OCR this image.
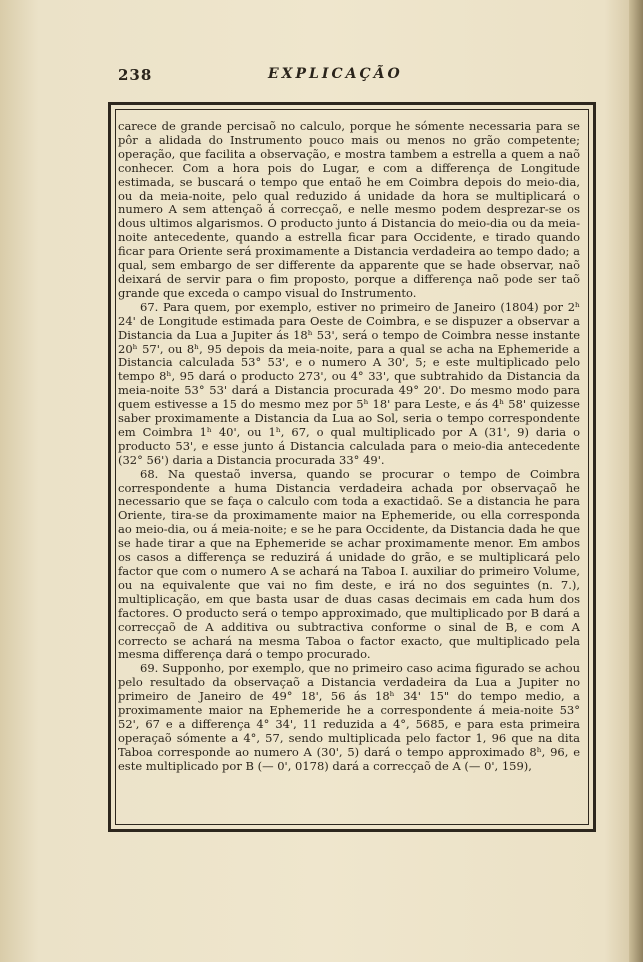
238	EXPLICAÇÃO

carece de grande percisaõ no calculo, porque he sómente necessaria para se pôr a alidada do Instrumento pouco mais ou menos no grão competente; operação, que facilita a observação, e mostra tambem a estrella a quem a naõ conhecer. Com a hora pois do Lugar, e com a differença de Longitude estimada, se buscará o tempo que entaõ he em Coimbra depois do meio-dia, ou da meia-noite, pelo qual reduzido á unidade da hora se multiplicará o numero A sem attençaõ á correcçaõ, e nelle mesmo podem desprezar-se os dous ultimos algarismos. O producto junto á Distancia do meio-dia ou da meia-noite antecedente, quando a estrella ficar para Occidente, e tirado quando ficar para Oriente será proximamente a Distancia verdadeira ao tempo dado; a qual, sem embargo de ser differente da apparente que se hade observar, naõ deixará de servir para o fim proposto, porque a differença naõ pode ser taõ grande que exceda o campo visual do Instrumento.

67. Para quem, por exemplo, estiver no primeiro de Janeiro (1804) por 2ʰ 24' de Longitude estimada para Oeste de Coimbra, e se dispuzer a observar a Distancia da Lua a Jupiter ás 18ʰ 53', será o tempo de Coimbra nesse instante 20ʰ 57', ou 8ʰ, 95 depois da meia-noite, para a qual se acha na Ephemeride a Distancia calculada 53° 53', e o numero A 30', 5; e este multiplicado pelo tempo 8ʰ, 95 dará o producto 273', ou 4° 33', que subtrahido da Distancia da meia-noite 53° 53' dará a Distancia procurada 49° 20'. Do mesmo modo para quem estivesse a 15 do mesmo mez por 5ʰ 18' para Leste, e ás 4ʰ 58' quizesse saber proximamente a Distancia da Lua ao Sol, seria o tempo correspondente em Coimbra 1ʰ 40', ou 1ʰ, 67, o qual multiplicado por A (31', 9) daria o producto 53', e esse junto á Distancia calculada para o meio-dia antecedente (32° 56') daria a Distancia procurada 33° 49'.

68. Na questaõ inversa, quando se procurar o tempo de Coimbra correspondente a huma Distancia verdadeira achada por observaçaõ he necessario que se faça o calculo com toda a exactidaõ. Se a distancia he para Oriente, tira-se da proximamente maior na Ephemeride, ou ella corresponda ao meio-dia, ou á meia-noite; e se he para Occidente, da Distancia dada he que se hade tirar a que na Ephemeride se achar proximamente menor. Em ambos os casos a differença se reduzirá á unidade do grão, e se multiplicará pelo factor que com o numero A se achará na Taboa I. auxiliar do primeiro Volume, ou na equivalente que vai no fim deste, e irá no dos seguintes (n. 7.), multiplicação, em que basta usar de duas casas decimais em cada hum dos factores. O producto será o tempo approximado, que multiplicado por B dará a correcçaõ de A additiva ou subtractiva conforme o sinal de B, e com A correcto se achará na mesma Taboa o factor exacto, que multiplicado pela mesma differença dará o tempo procurado.

69. Supponho, por exemplo, que no primeiro caso acima figurado se achou pelo resultado da observaçaõ a Distancia verdadeira da Lua a Jupiter no primeiro de Janeiro de 49° 18', 56 ás 18ʰ 34' 15" do tempo medio, a proximamente maior na Ephemeride he a correspondente á meia-noite 53° 52', 67 e a differença 4° 34', 11 reduzida a 4°, 5685, e para esta primeira operaçaõ sómente a 4°, 57, sendo multiplicada pelo factor 1, 96 que na dita Taboa corresponde ao numero A (30', 5) dará o tempo approximado 8ʰ, 96, e este multiplicado por B (— 0', 0178) dará a correcçaõ de A (— 0', 159),
